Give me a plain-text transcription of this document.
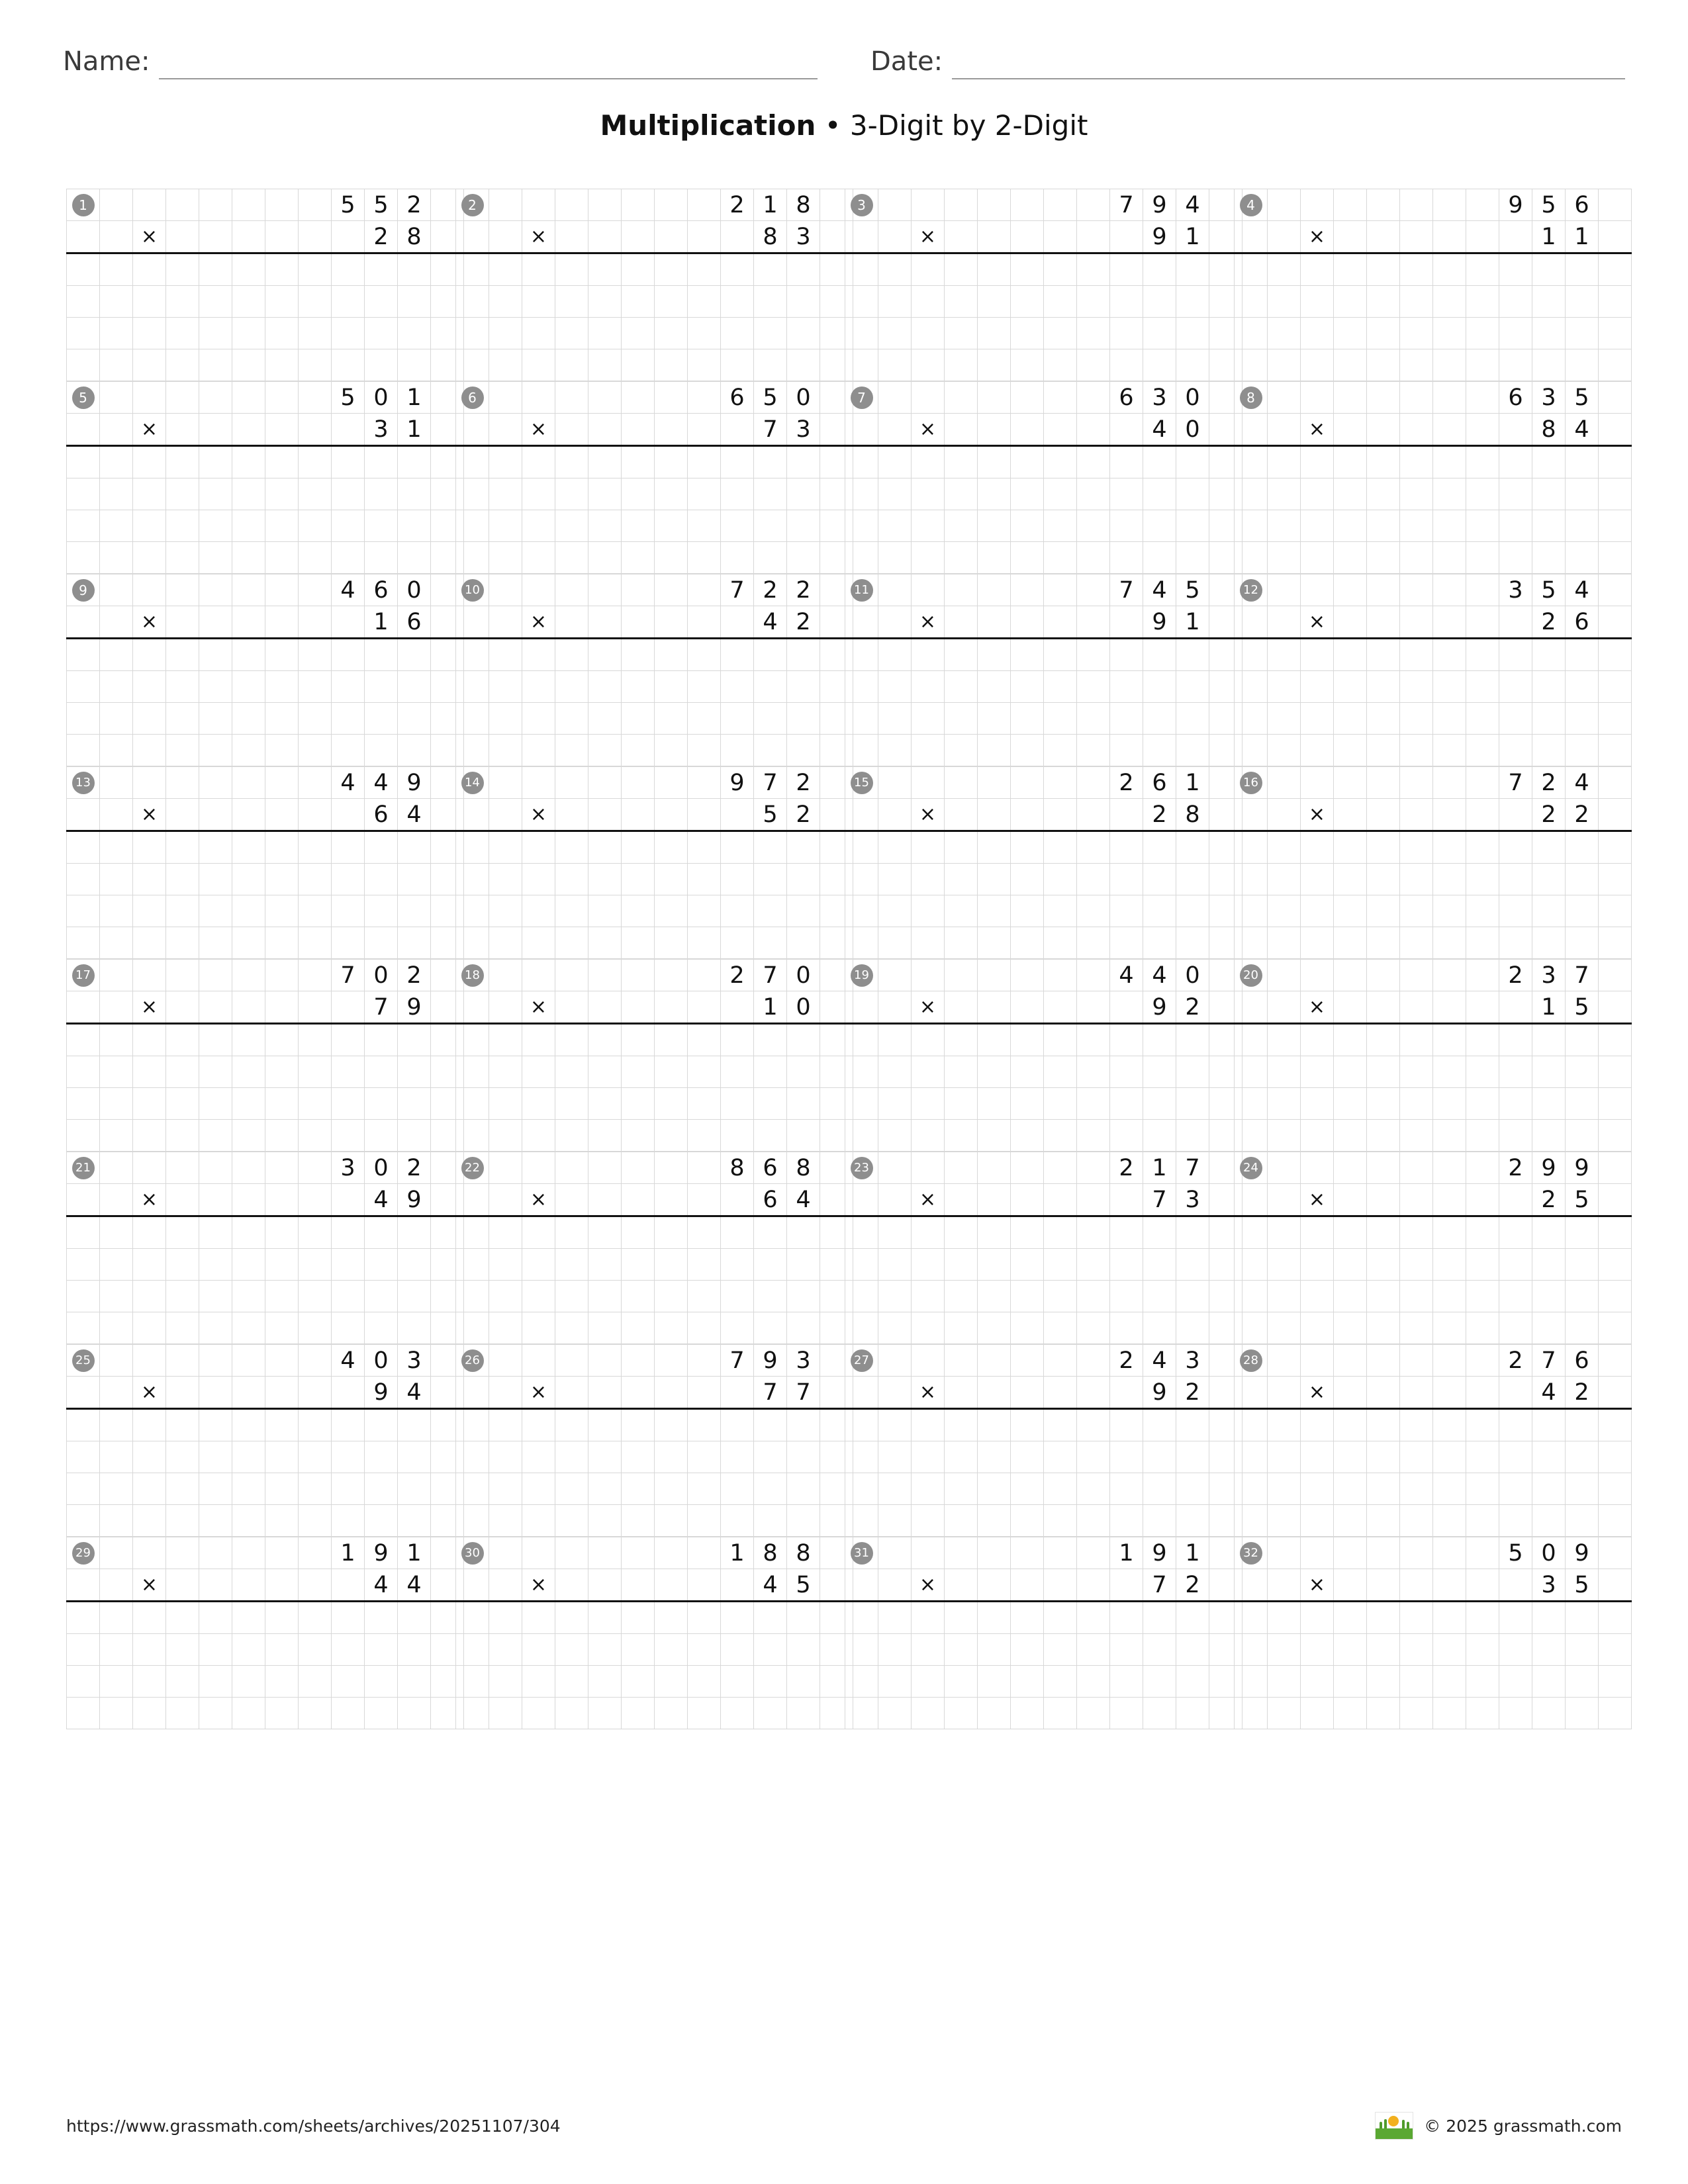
Name:	Date:
Multiplication • 3-Digit by 2-Digit
1								5	5	2	
		×							2	8	

2								2	1	8	
		×							8	3	

3								7	9	4	
		×							9	1	

4								9	5	6	
		×							1	1	

5								5	0	1	
		×							3	1	

6								6	5	0	
		×							7	3	

7								6	3	0	
		×							4	0	

8								6	3	5	
		×							8	4	

9								4	6	0	
		×							1	6	

10								7	2	2	
		×							4	2	

11								7	4	5	
		×							9	1	

12								3	5	4	
		×							2	6	

13								4	4	9	
		×							6	4	

14								9	7	2	
		×							5	2	

15								2	6	1	
		×							2	8	

16								7	2	4	
		×							2	2	

17								7	0	2	
		×							7	9	

18								2	7	0	
		×							1	0	

19								4	4	0	
		×							9	2	

20								2	3	7	
		×							1	5	

21								3	0	2	
		×							4	9	

22								8	6	8	
		×							6	4	

23								2	1	7	
		×							7	3	

24								2	9	9	
		×							2	5	

25								4	0	3	
		×							9	4	

26								7	9	3	
		×							7	7	

27								2	4	3	
		×							9	2	

28								2	7	6	
		×							4	2	

29								1	9	1	
		×							4	4	

30								1	8	8	
		×							4	5	

31								1	9	1	
		×							7	2	

32								5	0	9	
		×							3	5	

https://www.grassmath.com/sheets/archives/20251107/304	© 2025 grassmath.com
